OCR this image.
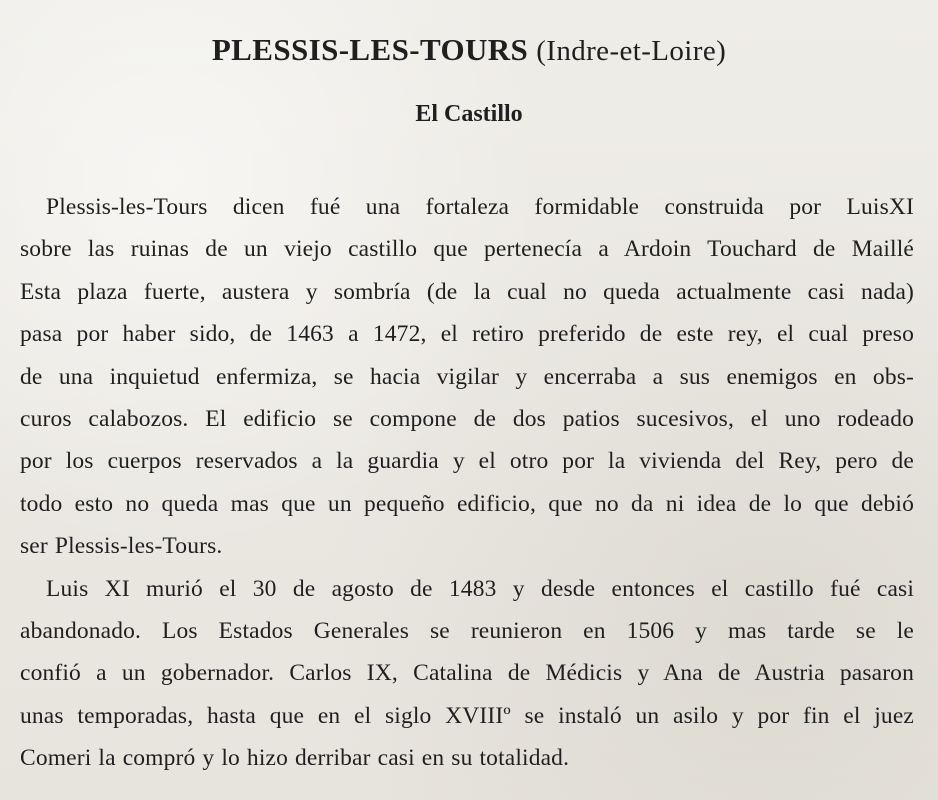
PLESSIS-LES-TOURS (Indre-et-Loire)
El Castillo
Plessis-les-Tours dicen fué una fortaleza formidable construida por LuisXI
sobre las ruinas de un viejo castillo que pertenecía a Ardoin Touchard de Maillé
Esta plaza fuerte, austera y sombría (de la cual no queda actualmente casi nada)
pasa por haber sido, de 1463 a 1472, el retiro preferido de este rey, el cual preso
de una inquietud enfermiza, se hacia vigilar y encerraba a sus enemigos en obs-
curos calabozos. El edificio se compone de dos patios sucesivos, el uno rodeado
por los cuerpos reservados a la guardia y el otro por la vivienda del Rey, pero de
todo esto no queda mas que un pequeño edificio, que no da ni idea de lo que debió
ser Plessis-les-Tours.
Luis XI murió el 30 de agosto de 1483 y desde entonces el castillo fué casi
abandonado. Los Estados Generales se reunieron en 1506 y mas tarde se le
confió a un gobernador. Carlos IX, Catalina de Médicis y Ana de Austria pasaron
unas temporadas, hasta que en el siglo XVIIIº se instaló un asilo y por fin el juez
Comeri la compró y lo hizo derribar casi en su totalidad.
